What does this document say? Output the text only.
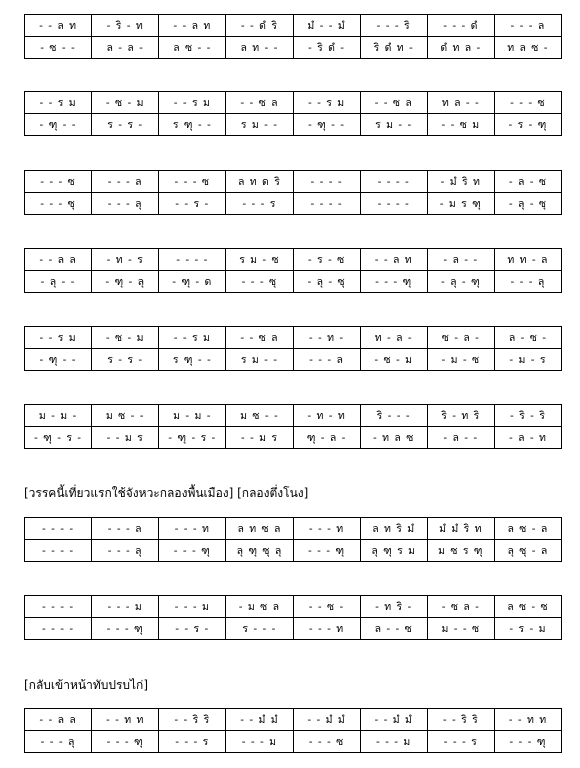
- - ล ท	- ริ - ท	- - ล ท	- - ดํ ริ	มํ - - มํ	- - - ริ	- - - ดํ	- - - ล
- ซ - -	ล - ล -	ล ซ - -	ล ท - -	- ริ ดํ -	ริ ดํ ท -	ดํ ท ล -	ท ล ซ -
- - ร ม	- ซ - ม	- - ร ม	- - ซ ล	- - ร ม	- - ซ ล	ท ล - -	- - - ซ
- ฑุ - -	ร - ร -	ร ฑุ - -	ร ม - -	- ฑุ - -	ร ม - -	- - ซ ม	- ร - ฑุ
- - - ซ	- - - ล	- - - ซ	ล ท ด ริ	- - - -	- - - -	- มํ ริ ท	- ล - ซ
- - - ซุ	- - - ลุ	- - ร -	- - - ร	- - - -	- - - -	- ม ร ฑุ	- ลุ - ซุ
- - ล ล	- ท - ร	- - - -	ร ม - ซ	- ร - ซ	- - ล ท	- ล - -	ท ท - ล
- ลุ - -	- ฑุ - ลุ	- ฑุ - ด	- - - ซุ	- ลุ - ซุ	- - - ฑุ	- ลุ - ฑุ	- - - ลุ
- - ร ม	- ซ - ม	- - ร ม	- - ซ ล	- - ท -	ท - ล -	ซ - ล -	ล - ซ -
- ฑุ - -	ร - ร -	ร ฑุ - -	ร ม - -	- - - ล	- ซ - ม	- ม - ซ	- ม - ร
ม - ม -	ม ซ - -	ม - ม -	ม ซ - -	- ท - ท	ริ - - -	ริ - ท ริ	- ริ - ริ
- ฑุ - ร -	- - ม ร	- ฑุ - ร -	- - ม ร	ฑุ - ล -	- ท ล ซ	- ล - -	- ล - ท
[วรรคนี้เที่ยวแรกใช้จังหวะกลองพื้นเมือง] [กลองตึ่งโนง]
- - - -	- - - ล	- - - ท	ล ท ซ ล	- - - ท	ล ท ริ มํ	มํ มํ ริ ท	ล ซ - ล
- - - -	- - - ลุ	- - - ฑุ	ลุ ฑุ ซุ ลุ	- - - ฑุ	ลุ ฑุ ร ม	ม ซ ร ฑุ	ลุ ซุ - ล
- - - -	- - - ม	- - - ม	- ม ซ ล	- - ซ -	- ท ริ -	- ซ ล -	ล ซ - ซ
- - - -	- - - ฑุ	- - ร -	ร - - -	- - - ท	ล - - ซ	ม - - ซ	- ร - ม
[กลับเข้าหน้าทับปรบไก่]
- - ล ล	- - ท ท	- - ริ ริ	- - มํ มํ	- - มํ มํ	- - มํ มํ	- - ริ ริ	- - ท ท
- - - ลุ	- - - ฑุ	- - - ร	- - - ม	- - - ซ	- - - ม	- - - ร	- - - ฑุ
